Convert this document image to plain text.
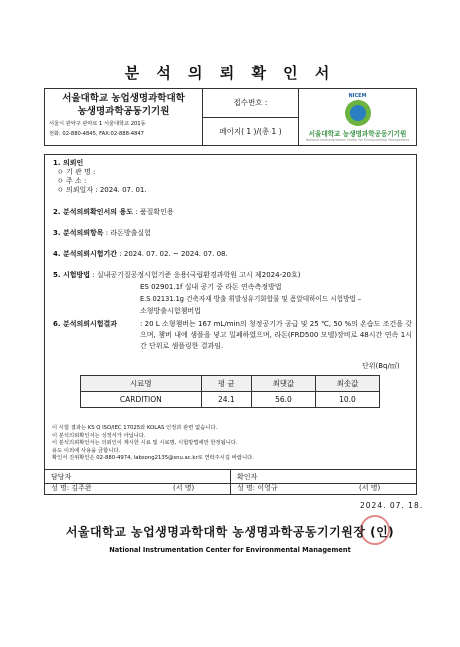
분 석 의 뢰 확 인 서
서울대학교 농업생명과학대학
농생명과학공동기기원
서울시 관악구 관악로 1 서울대학교 201동
전화: 02-880-4845, FAX:02-888-4847
접수번호 :
페이지( 1 )/(총 1 )
NICEM
서울대학교 농생명과학공동기기원
National Instrumentation Center for Environmental Management
1. 의뢰인
ㅇ 기 관 명 :
ㅇ 주 소 :
ㅇ 의뢰일자 : 2024. 07. 01.
2. 분석의뢰확인서의 용도 : 품질확인용
3. 분석의뢰항목 : 라돈방출실험
4. 분석의뢰시험기간 : 2024. 07. 02. ~ 2024. 07. 08.
5. 시험방법 : 실내공기질공정시험기준 응용(국립환경과학원 고시 제2024-20호)
ES 02901.1f 실내 공기 중 라돈 연속측정방법
E.S 02131.1g 건축자재 방출 휘발성유기화합물 및 폼알데하이드 시험방법 –
소형방출시험챔버법
6. 분석의뢰시험결과	: 20 L 소형챔버는 167 mL/min의 청정공기가 공급 및 25 ℃, 50 %의 온습도 조건을 갖으며, 챔버 내에 샘플을 넣고 밀폐하였으며, 라돈(FRD500 모델)장비로 48시간 연속 1시간 단위로 샘플링한 결과임.
단위(Bq/㎥)
시료명	평 균	최댓값	최솟값
CARDITION	24.1	56.0	10.0
이 시험 결과는 KS Q ISO/IEC 17025와 KOLAS 인정과 관련 없습니다.
이 분석의뢰확인서는 성적서가 아닙니다.
이 분석의뢰확인서는 의뢰인이 제시한 시료 및 시료명, 시험방법에만 한정됩니다.
용도 이외에 사용을 금합니다.
확인서 진위확인은 02-880-4974, labsong2135@snu.ac.kr로 연락주시길 바랍니다.
담당자
성 명: 김주완	(서 명)
확인자
성 명: 이영규	(서 명)
2024. 07. 18.
서울대학교 농업생명과학대학 농생명과학공동기기원장 (인)
National Instrumentation Center for Environmental Management
